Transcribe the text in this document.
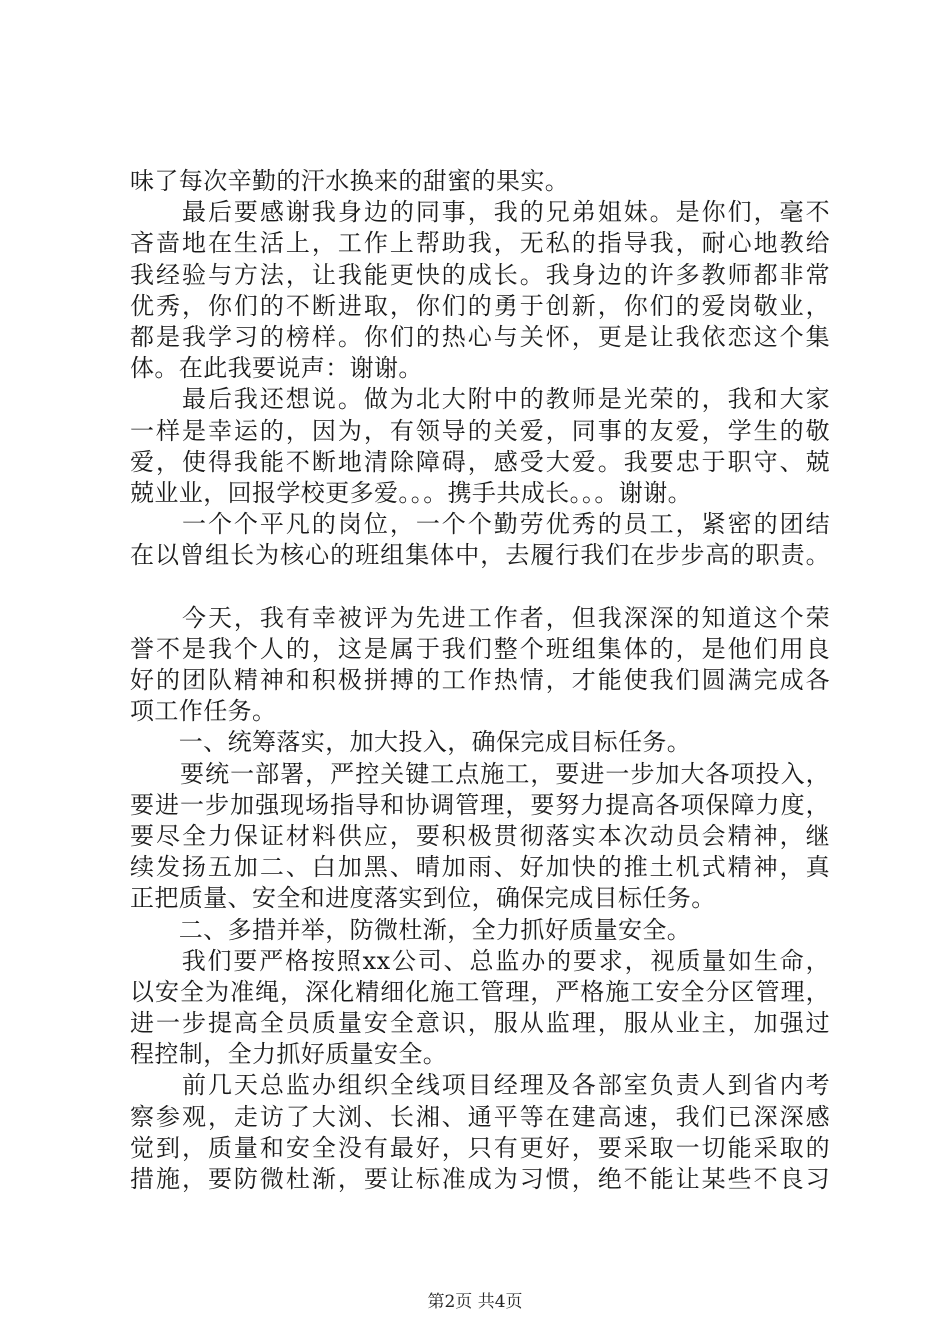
味了每次辛勤的汗水换来的甜蜜的果实。
　　最后要感谢我身边的同事，我的兄弟姐妹。是你们，毫不
吝啬地在生活上，工作上帮助我，无私的指导我，耐心地教给
我经验与方法，让我能更快的成长。我身边的许多教师都非常
优秀，你们的不断进取，你们的勇于创新，你们的爱岗敬业，
都是我学习的榜样。你们的热心与关怀，更是让我依恋这个集
体。在此我要说声：谢谢。
　　最后我还想说。做为北大附中的教师是光荣的，我和大家
一样是幸运的，因为，有领导的关爱，同事的友爱，学生的敬
爱，使得我能不断地清除障碍，感受大爱。我要忠于职守、兢
兢业业，回报学校更多爱。。。携手共成长。。。谢谢。
　　一个个平凡的岗位，一个个勤劳优秀的员工，紧密的团结
在以曾组长为核心的班组集体中，去履行我们在步步高的职责。
　　今天，我有幸被评为先进工作者，但我深深的知道这个荣
誉不是我个人的，这是属于我们整个班组集体的，是他们用良
好的团队精神和积极拼搏的工作热情，才能使我们圆满完成各
项工作任务。
　　一、统筹落实，加大投入，确保完成目标任务。
　　要统一部署，严控关键工点施工，要进一步加大各项投入，
要进一步加强现场指导和协调管理，要努力提高各项保障力度，
要尽全力保证材料供应，要积极贯彻落实本次动员会精神，继
续发扬五加二、白加黑、晴加雨、好加快的推土机式精神，真
正把质量、安全和进度落实到位，确保完成目标任务。
　　二、多措并举，防微杜渐，全力抓好质量安全。
　　我们要严格按照xx公司、总监办的要求，视质量如生命，
以安全为准绳，深化精细化施工管理，严格施工安全分区管理，
进一步提高全员质量安全意识，服从监理，服从业主，加强过
程控制，全力抓好质量安全。
　　前几天总监办组织全线项目经理及各部室负责人到省内考
察参观，走访了大浏、长湘、通平等在建高速，我们已深深感
觉到，质量和安全没有最好，只有更好，要采取一切能采取的
措施，要防微杜渐，要让标准成为习惯，绝不能让某些不良习
第2页 共4页
